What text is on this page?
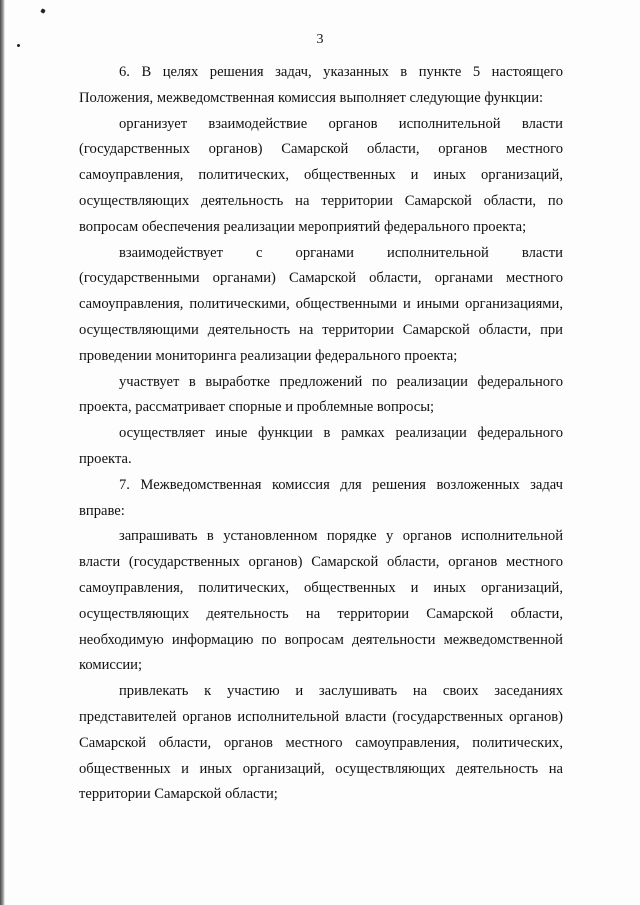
3

6. В целях решения задач, указанных в пункте 5 настоящего Положения, межведомственная комиссия выполняет следующие функции:

организует взаимодействие органов исполнительной власти (государственных органов) Самарской области, органов местного самоуправления, политических, общественных и иных организаций, осуществляющих деятельность на территории Самарской области, по вопросам обеспечения реализации мероприятий федерального проекта;

взаимодействует с органами исполнительной власти (государственными органами) Самарской области, органами местного самоуправления, политическими, общественными и иными организациями, осуществляющими деятельность на территории Самарской области, при проведении мониторинга реализации федерального проекта;

участвует в выработке предложений по реализации федерального проекта, рассматривает спорные и проблемные вопросы;

осуществляет иные функции в рамках реализации федерального проекта.

7. Межведомственная комиссия для решения возложенных задач вправе:

запрашивать в установленном порядке у органов исполнительной власти (государственных органов) Самарской области, органов местного самоуправления, политических, общественных и иных организаций, осуществляющих деятельность на территории Самарской области, необходимую информацию по вопросам деятельности межведомственной комиссии;

привлекать к участию и заслушивать на своих заседаниях представителей органов исполнительной власти (государственных органов) Самарской области, органов местного самоуправления, политических, общественных и иных организаций, осуществляющих деятельность на территории Самарской области;
